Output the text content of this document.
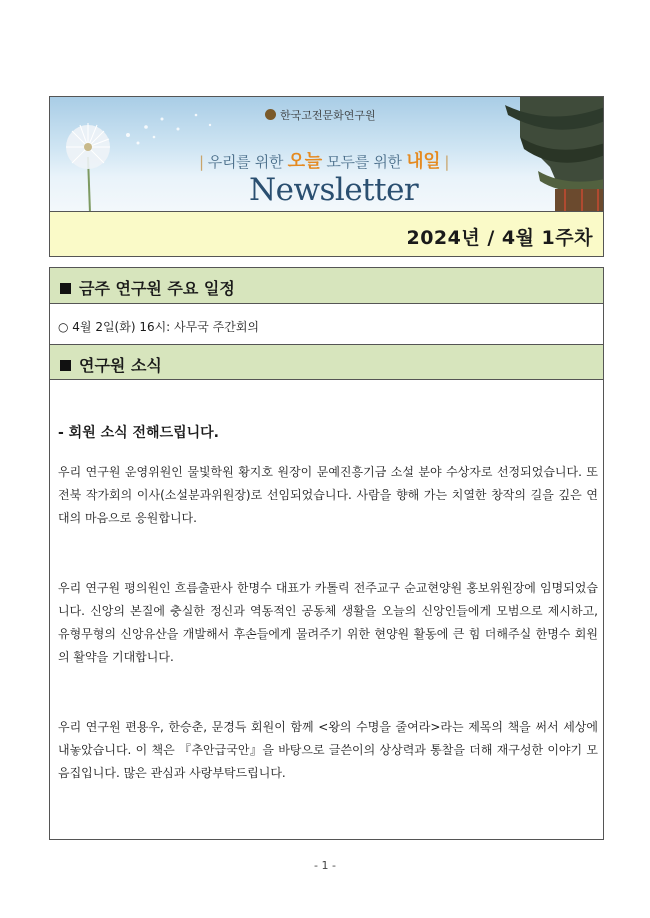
한국고전문화연구원
| 우리를 위한 오늘 모두를 위한 내일 |
Newsletter
2024년 / 4월 1주차
금주 연구원 주요 일정
○ 4월 2일(화) 16시: 사무국 주간회의
연구원 소식
- 회원 소식 전해드립니다.

우리 연구원 운영위원인 물빛학원 황지호 원장이 문예진흥기금 소설 분야 수상자로 선정되었습니다. 또 전북 작가회의 이사(소설분과위원장)로 선임되었습니다. 사람을 향해 가는 치열한 창작의 길을 깊은 연대의 마음으로 응원합니다.

우리 연구원 평의원인 흐름출판사 한명수 대표가 카톨릭 전주교구 순교현양원 홍보위원장에 임명되었습니다. 신앙의 본질에 충실한 정신과 역동적인 공동체 생활을 오늘의 신앙인들에게 모범으로 제시하고, 유형무형의 신앙유산을 개발해서 후손들에게 물려주기 위한 현양원 활동에 큰 힘 더해주실 한명수 회원의 활약을 기대합니다.

우리 연구원 편용우, 한승춘, 문경득 회원이 함께 <왕의 수명을 줄여라>라는 제목의 책을 써서 세상에 내놓았습니다. 이 책은 『추안급국안』을 바탕으로 글쓴이의 상상력과 통찰을 더해 재구성한 이야기 모음집입니다. 많은 관심과 사랑부탁드립니다.

- 1 -
